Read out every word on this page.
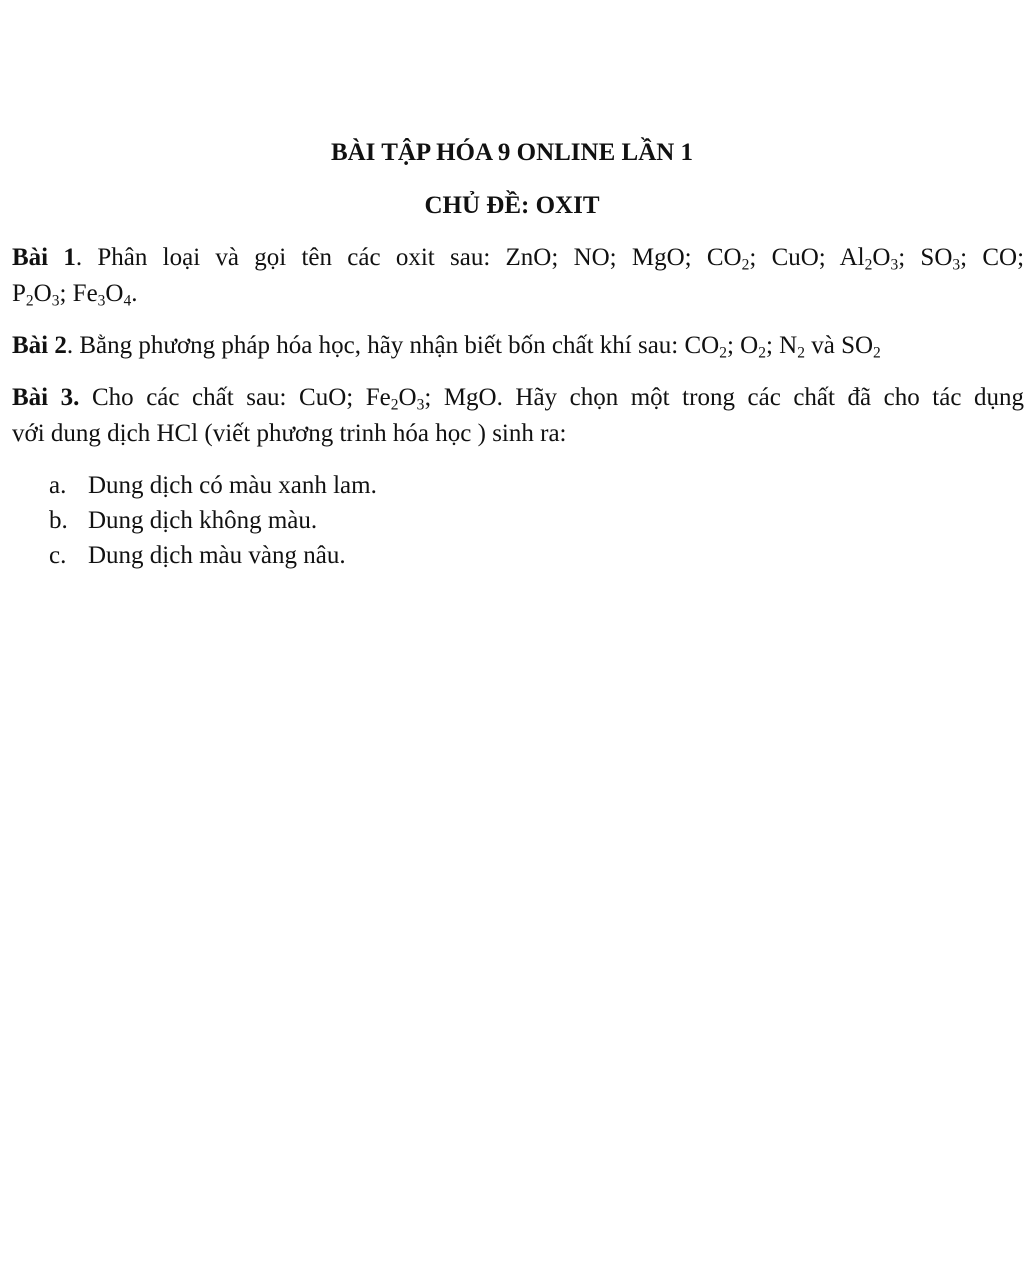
BÀI TẬP HÓA 9 ONLINE LẦN 1
CHỦ ĐỀ: OXIT
Bài 1. Phân loại và gọi tên các oxit sau: ZnO; NO; MgO; $CO_2$; CuO; $Al_2O_3$; $SO_3$; CO;
$P_2O_3$; $Fe_3O_4$.
Bài 2. Bằng phương pháp hóa học, hãy nhận biết bốn chất khí sau: $CO_2$; $O_2$; $N_2$ và $SO_2$
Bài 3. Cho các chất sau: CuO; $Fe_2O_3$; MgO. Hãy chọn một trong các chất đã cho tác dụng
với dung dịch HCl (viết phương trinh hóa học ) sinh ra:
a. Dung dịch có màu xanh lam.
b. Dung dịch không màu.
c. Dung dịch màu vàng nâu.
